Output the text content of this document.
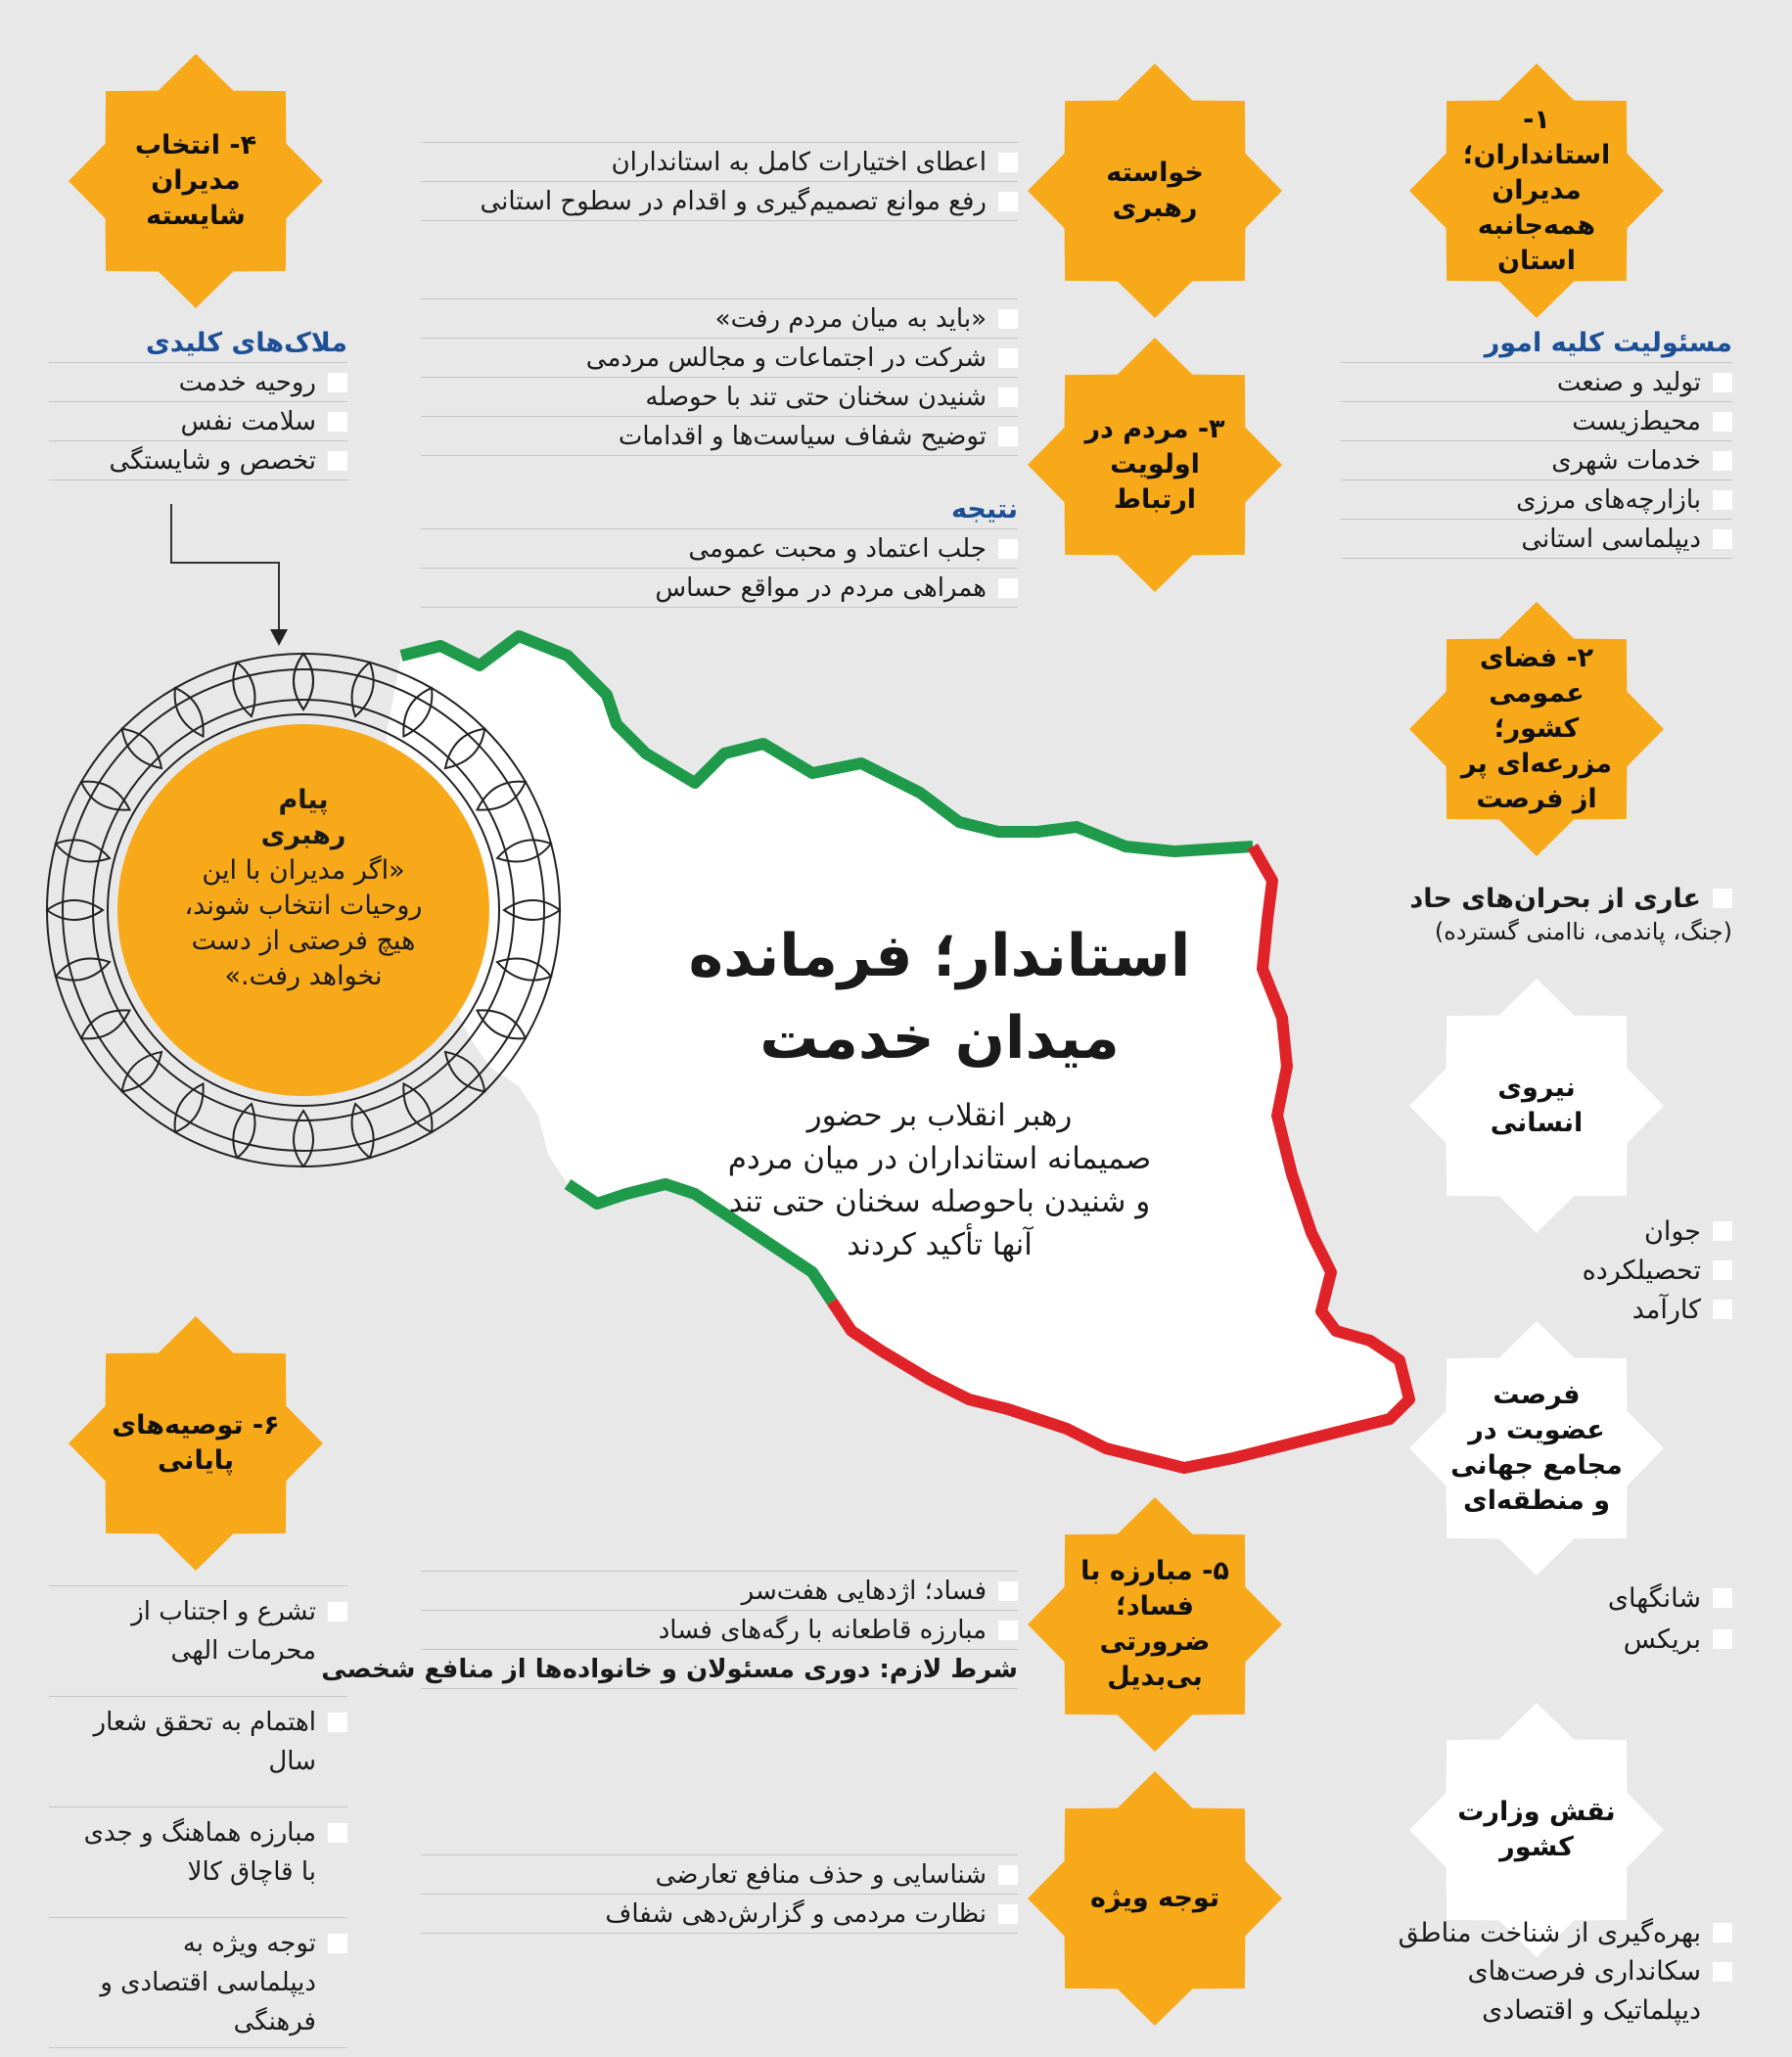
استاندار؛ فرمانده
میدان خدمت
رهبر انقلاب بر حضور
صمیمانه استانداران در میان مردم
و شنیدن باحوصله سخنان حتی تند
آنها تأکید کردند
پیام
رهبری
«اگر مدیران با این
روحیات انتخاب شوند،
هیچ فرصتی از دست
نخواهد رفت.»
۱- استانداران؛ مدیران همه‌جانبه استان
خواسته رهبری
۴- انتخاب مدیران شایسته
۳- مردم در اولویت ارتباط
۲- فضای عمومی کشور؛ مزرعه‌ای پر از فرصت
نیروی انسانی
فرصت عضویت در مجامع جهانی و منطقه‌ای
۶- توصیه‌های پایانی
۵- مبارزه با فساد؛ ضرورتی بی‌بدیل
نقش وزارت کشور
توجه ویژه
مسئولیت کلیه امور
تولید و صنعت
محیط‌زیست
خدمات شهری
بازارچه‌های مرزی
دیپلماسی استانی
اعطای اختیارات کامل به استانداران
رفع موانع تصمیم‌گیری و اقدام در سطوح استانی
ملاک‌های کلیدی
روحیه خدمت
سلامت نفس
تخصص و شایستگی
«باید به میان مردم رفت»
شرکت در اجتماعات و مجالس مردمی
شنیدن سخنان حتی تند با حوصله
توضیح شفاف سیاست‌ها و اقدامات
نتیجه
جلب اعتماد و محبت عمومی
همراهی مردم در مواقع حساس
عاری از بحران‌های حاد
(جنگ، پاندمی، ناامنی گسترده)
جوان
تحصیلکرده
کارآمد
شانگهای
بریکس
بهره‌گیری از شناخت مناطق
سکانداری فرصت‌های دیپلماتیک و اقتصادی
فساد؛ اژدهایی هفت‌سر
مبارزه قاطعانه با رگه‌های فساد
شرط لازم: دوری مسئولان و خانواده‌ها از منافع شخصی
شناسایی و حذف منافع تعارضی
نظارت مردمی و گزارش‌دهی شفاف
تشرع و اجتناب از محرمات الهی
اهتمام به تحقق شعار سال
مبارزه هماهنگ و جدی با قاچاق کالا
توجه ویژه به دیپلماسی اقتصادی و فرهنگی
